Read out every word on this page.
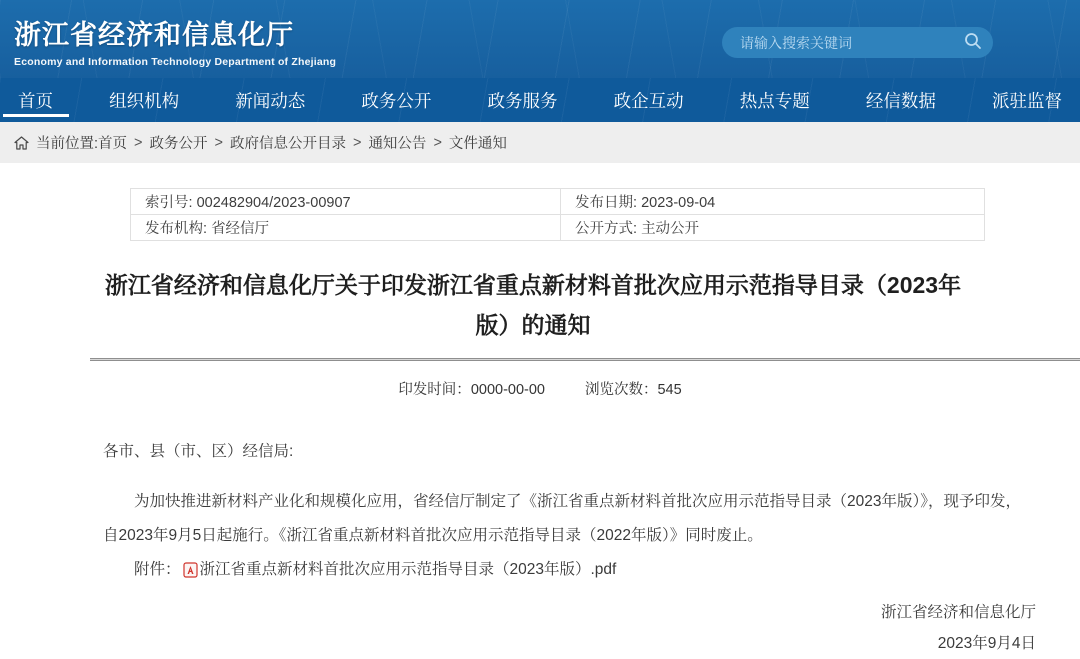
浙江省经济和信息化厅
Economy and Information Technology Department of Zhejiang
请输入搜索关键词
首页	组织机构	新闻动态	政务公开	政务服务	政企互动	热点专题	经信数据	派驻监督
当前位置: 首页 > 政务公开 > 政府信息公开目录 > 通知公告 > 文件通知
索引号: 002482904/2023-00907	发布日期: 2023-09-04
发布机构: 省经信厅	公开方式: 主动公开
浙江省经济和信息化厅关于印发浙江省重点新材料首批次应用示范指导目录（2023年版）的通知
印发时间：0000-00-00	浏览次数：545

各市、县（市、区）经信局:

为加快推进新材料产业化和规模化应用，省经信厅制定了《浙江省重点新材料首批次应用示范指导目录（2023年版）》，现予印发，自2023年9月5日起施行。《浙江省重点新材料首批次应用示范指导目录（2022年版）》同时废止。

附件： 浙江省重点新材料首批次应用示范指导目录（2023年版）.pdf
浙江省经济和信息化厅
2023年9月4日
